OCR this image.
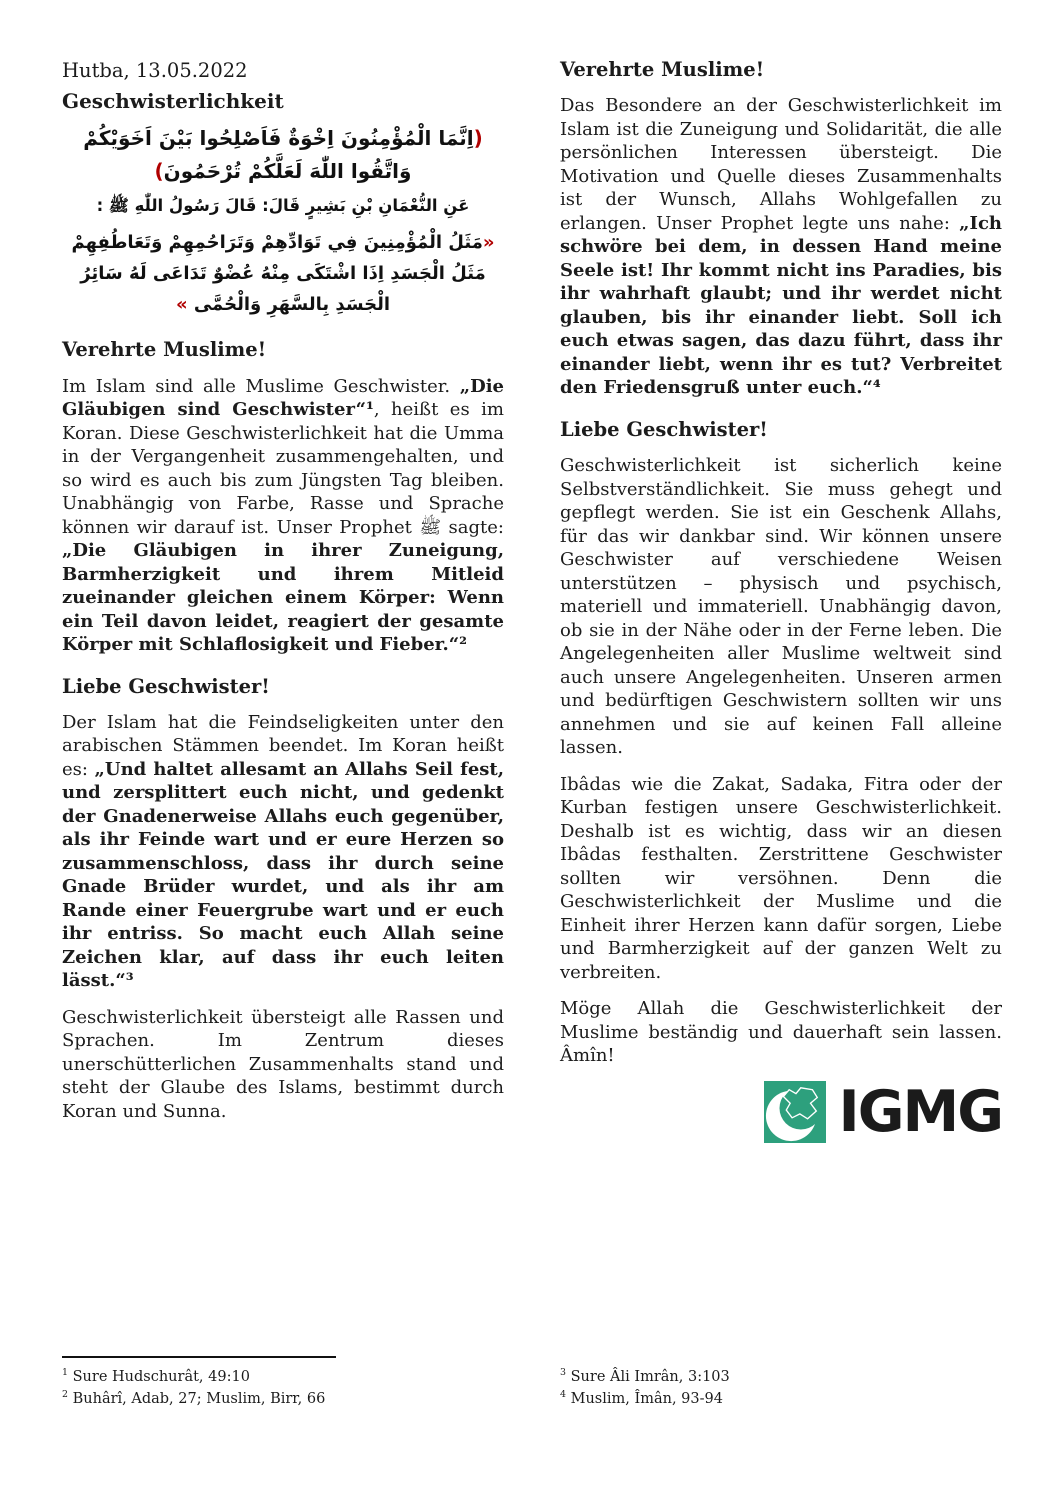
Hutba, 13.05.2022

Geschwisterlichkeit

(اِنَّمَا الْمُؤْمِنُونَ اِخْوَةٌ فَاَصْلِحُوا بَيْنَ اَخَوَيْكُمْ وَاتَّقُوا اللّٰهَ لَعَلَّكُمْ تُرْحَمُونَ)

عَنِ النُّعْمَانِ بْنِ بَشِيرٍ قَالَ: قَالَ رَسُولُ اللّٰهِ ﷺ :

«مَثَلُ الْمُؤْمِنِينَ فِي تَوَادِّهِمْ وَتَرَاحُمِهِمْ وَتَعَاطُفِهِمْ مَثَلُ الْجَسَدِ اِذَا اشْتَكَى مِنْهُ عُضْوٌ تَدَاعَى لَهُ سَائِرُ الْجَسَدِ بِالسَّهَرِ وَالْحُمَّى »

Verehrte Muslime!

Im Islam sind alle Muslime Geschwister. „Die Gläubigen sind Geschwister“¹, heißt es im Koran. Diese Geschwisterlichkeit hat die Umma in der Vergangenheit zusammengehalten, und so wird es auch bis zum Jüngsten Tag bleiben. Unabhängig von Farbe, Rasse und Sprache können wir darauf ist. Unser Prophet ﷺ sagte: „Die Gläubigen in ihrer Zuneigung, Barmherzigkeit und ihrem Mitleid zueinander gleichen einem Körper: Wenn ein Teil davon leidet, reagiert der gesamte Körper mit Schlaflosigkeit und Fieber.“²

Liebe Geschwister!

Der Islam hat die Feindseligkeiten unter den arabischen Stämmen beendet. Im Koran heißt es: „Und haltet allesamt an Allahs Seil fest, und zersplittert euch nicht, und gedenkt der Gnadenerweise Allahs euch gegenüber, als ihr Feinde wart und er eure Herzen so zusammenschloss, dass ihr durch seine Gnade Brüder wurdet, und als ihr am Rande einer Feuergrube wart und er euch ihr entriss. So macht euch Allah seine Zeichen klar, auf dass ihr euch leiten lässt.“³

Geschwisterlichkeit übersteigt alle Rassen und Sprachen. Im Zentrum dieses unerschütterlichen Zusammenhalts stand und steht der Glaube des Islams, bestimmt durch Koran und Sunna.

Verehrte Muslime!

Das Besondere an der Geschwisterlichkeit im Islam ist die Zuneigung und Solidarität, die alle persönlichen Interessen übersteigt. Die Motivation und Quelle dieses Zusammenhalts ist der Wunsch, Allahs Wohlgefallen zu erlangen. Unser Prophet legte uns nahe: „Ich schwöre bei dem, in dessen Hand meine Seele ist! Ihr kommt nicht ins Paradies, bis ihr wahrhaft glaubt; und ihr werdet nicht glauben, bis ihr einander liebt. Soll ich euch etwas sagen, das dazu führt, dass ihr einander liebt, wenn ihr es tut? Verbreitet den Friedensgruß unter euch.“⁴

Liebe Geschwister!

Geschwisterlichkeit ist sicherlich keine Selbstverständlichkeit. Sie muss gehegt und gepflegt werden. Sie ist ein Geschenk Allahs, für das wir dankbar sind. Wir können unsere Geschwister auf verschiedene Weisen unterstützen – physisch und psychisch, materiell und immateriell. Unabhängig davon, ob sie in der Nähe oder in der Ferne leben. Die Angelegenheiten aller Muslime weltweit sind auch unsere Angelegenheiten. Unseren armen und bedürftigen Geschwistern sollten wir uns annehmen und sie auf keinen Fall alleine lassen.

Ibâdas wie die Zakat, Sadaka, Fitra oder der Kurban festigen unsere Geschwisterlichkeit. Deshalb ist es wichtig, dass wir an diesen Ibâdas festhalten. Zerstrittene Geschwister sollten wir versöhnen. Denn die Geschwisterlichkeit der Muslime und die Einheit ihrer Herzen kann dafür sorgen, Liebe und Barmherzigkeit auf der ganzen Welt zu verbreiten.

Möge Allah die Geschwisterlichkeit der Muslime beständig und dauerhaft sein lassen. Âmîn!

IGMG

$^1$ Sure Hudschurât, 49:10

$^2$ Buhârî, Adab, 27; Muslim, Birr, 66

$^3$ Sure Âli Imrân, 3:103

$^4$ Muslim, Îmân, 93-94
